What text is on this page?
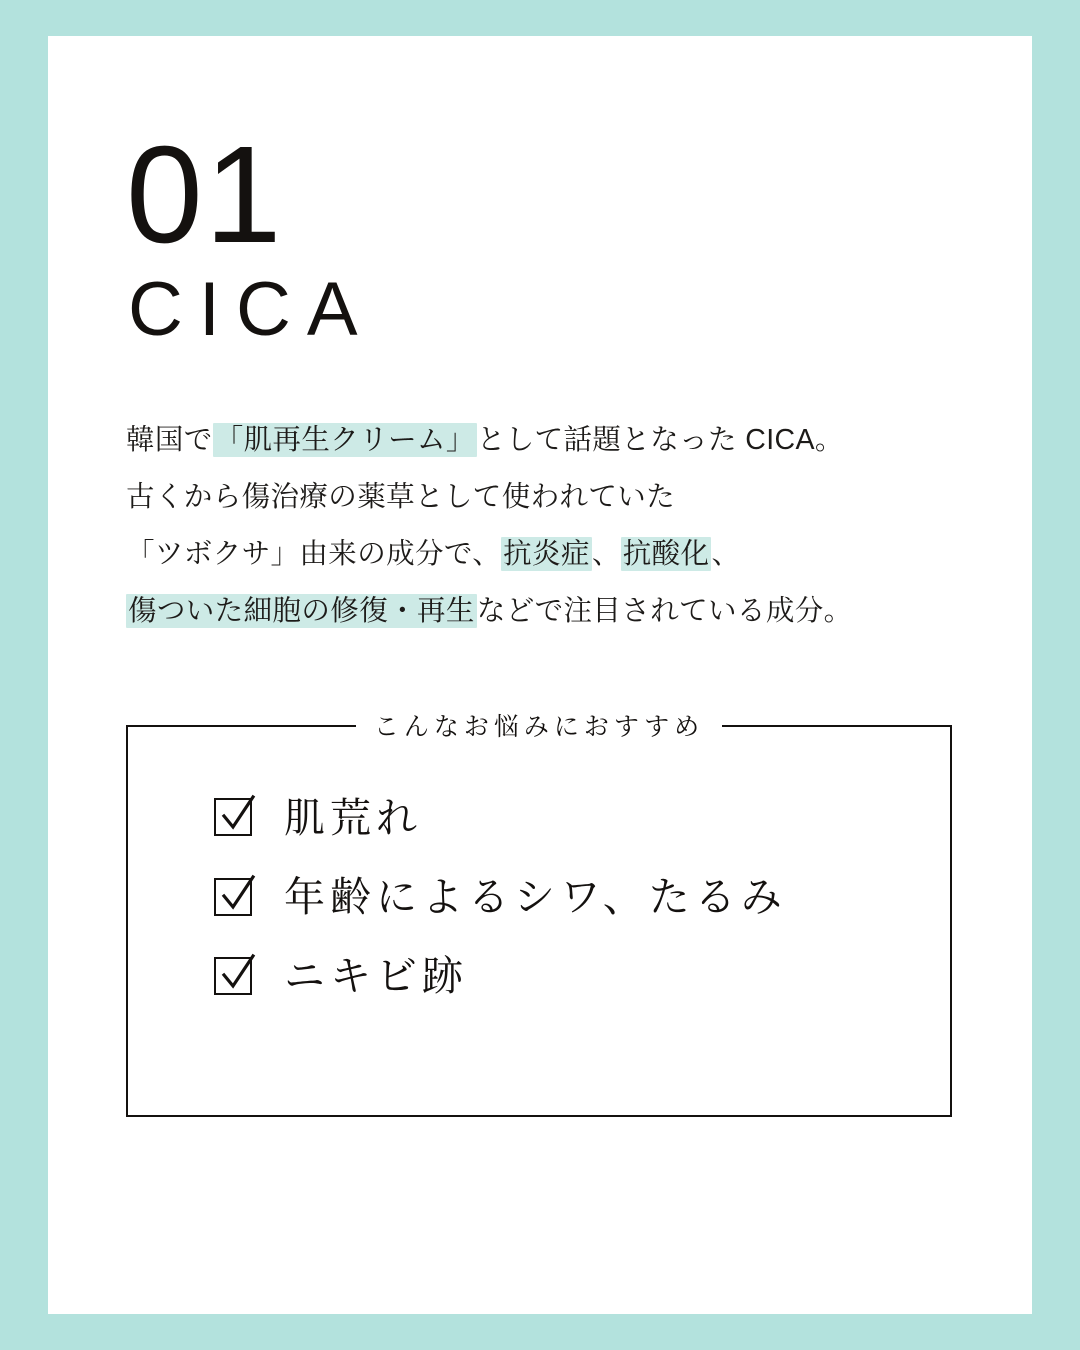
01
CICA
韓国で「肌再生クリーム」として話題となった CICA。
古くから傷治療の薬草として使われていた
「ツボクサ」由来の成分で、抗炎症、抗酸化、
傷ついた細胞の修復・再生などで注目されている成分。
こんなお悩みにおすすめ
肌荒れ
年齢によるシワ、たるみ
ニキビ跡
